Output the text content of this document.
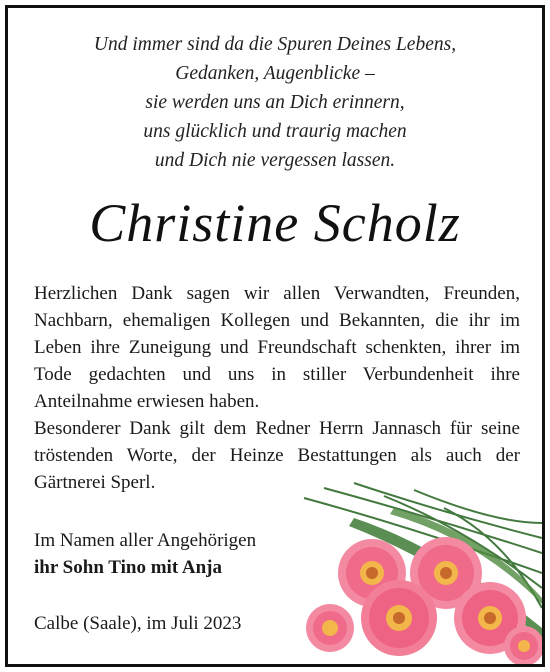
Und immer sind da die Spuren Deines Lebens,
Gedanken, Augenblicke –
sie werden uns an Dich erinnern,
uns glücklich und traurig machen
und Dich nie vergessen lassen.
Christine Scholz

Herzlichen Dank sagen wir allen Verwandten, Freunden, Nachbarn, ehemaligen Kollegen und Bekannten, die ihr im Leben ihre Zuneigung und Freundschaft schenkten, ihrer im Tode gedachten und uns in stiller Verbundenheit ihre Anteilnahme erwiesen haben.

Besonderer Dank gilt dem Redner Herrn Jannasch für seine tröstenden Worte, der Heinze Bestattungen als auch der Gärtnerei Sperl.

Im Namen aller Angehörigen
ihr Sohn Tino mit Anja
Calbe (Saale), im Juli 2023
